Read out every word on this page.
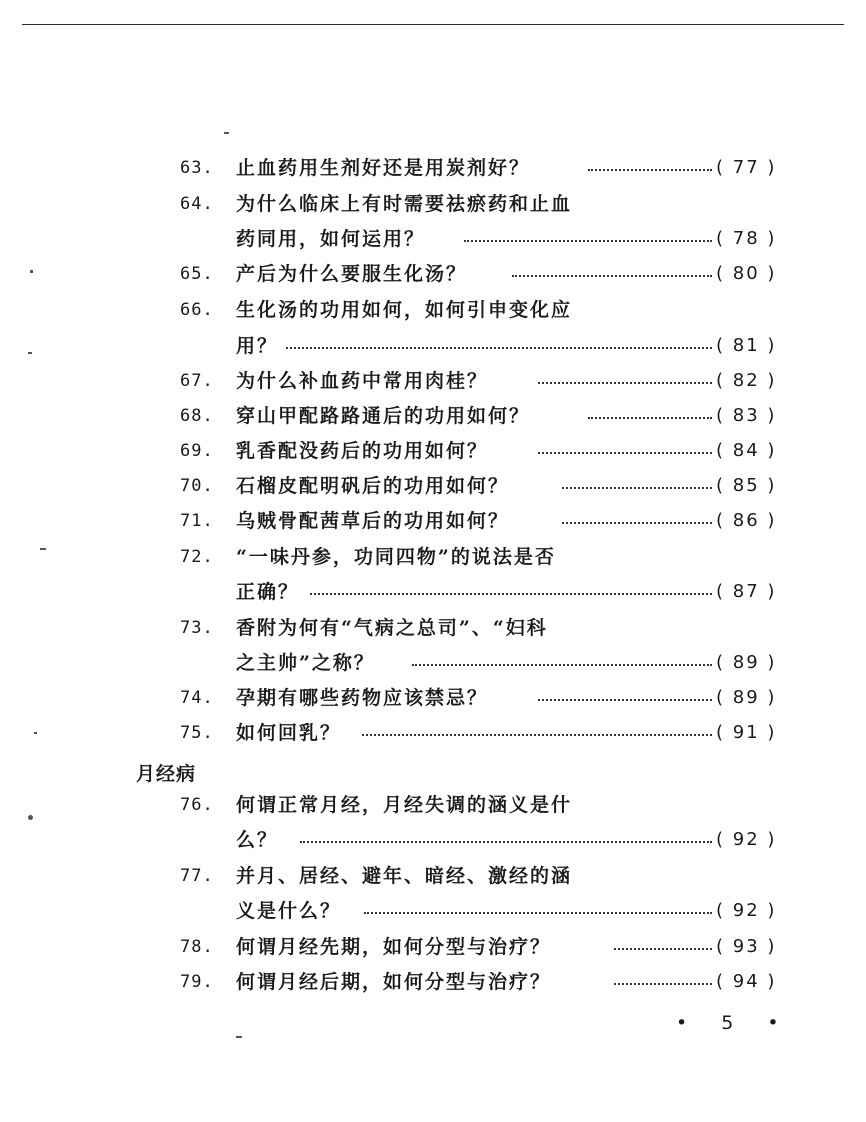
63.	止血药用生剂好还是用炭剂好？	( 77 )
64.	为什么临床上有时需要祛瘀药和止血
药同用，如何运用？	( 78 )
65.	产后为什么要服生化汤？	( 80 )
66.	生化汤的功用如何，如何引申变化应
用？	( 81 )
67.	为什么补血药中常用肉桂？	( 82 )
68.	穿山甲配路路通后的功用如何？	( 83 )
69.	乳香配没药后的功用如何？	( 84 )
70.	石榴皮配明矾后的功用如何？	( 85 )
71.	乌贼骨配茜草后的功用如何？	( 86 )
72.	“一味丹参，功同四物”的说法是否
正确？	( 87 )
73.	香附为何有“气病之总司”、“妇科
之主帅”之称？	( 89 )
74.	孕期有哪些药物应该禁忌？	( 89 )
75.	如何回乳？	( 91 )
月经病
76.	何谓正常月经，月经失调的涵义是什
么？	( 92 )
77.	并月、居经、避年、暗经、激经的涵
义是什么？	( 92 )
78.	何谓月经先期，如何分型与治疗？	( 93 )
79.	何谓月经后期，如何分型与治疗？	( 94 )
• 5 •
